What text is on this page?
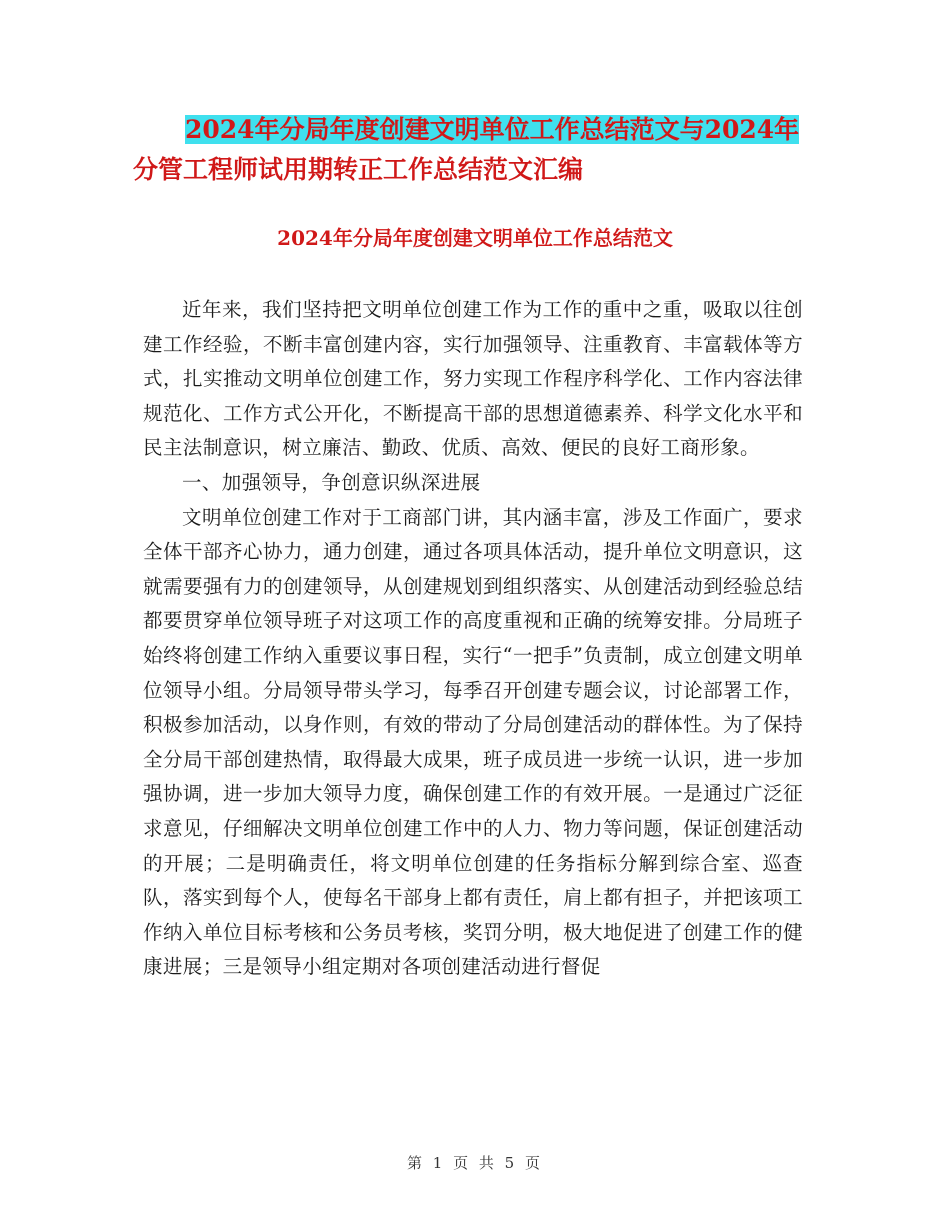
2024年分局年度创建文明单位工作总结范文与2024年
分管工程师试用期转正工作总结范文汇编
2024年分局年度创建文明单位工作总结范文

近年来，我们坚持把文明单位创建工作为工作的重中之重，吸取以往创建工作经验，不断丰富创建内容，实行加强领导、注重教育、丰富载体等方式，扎实推动文明单位创建工作，努力实现工作程序科学化、工作内容法律规范化、工作方式公开化，不断提高干部的思想道德素养、科学文化水平和民主法制意识，树立廉洁、勤政、优质、高效、便民的良好工商形象。

一、加强领导，争创意识纵深进展

文明单位创建工作对于工商部门讲，其内涵丰富，涉及工作面广，要求全体干部齐心协力，通力创建，通过各项具体活动，提升单位文明意识，这就需要强有力的创建领导，从创建规划到组织落实、从创建活动到经验总结都要贯穿单位领导班子对这项工作的高度重视和正确的统筹安排。分局班子始终将创建工作纳入重要议事日程，实行“一把手”负责制，成立创建文明单位领导小组。分局领导带头学习，每季召开创建专题会议，讨论部署工作，积极参加活动，以身作则，有效的带动了分局创建活动的群体性。为了保持全分局干部创建热情，取得最大成果，班子成员进一步统一认识，进一步加强协调，进一步加大领导力度，确保创建工作的有效开展。一是通过广泛征求意见，仔细解决文明单位创建工作中的人力、物力等问题，保证创建活动的开展；二是明确责任，将文明单位创建的任务指标分解到综合室、巡查队，落实到每个人，使每名干部身上都有责任，肩上都有担子，并把该项工作纳入单位目标考核和公务员考核，奖罚分明，极大地促进了创建工作的健康进展；三是领导小组定期对各项创建活动进行督促

第 1 页 共 5 页
